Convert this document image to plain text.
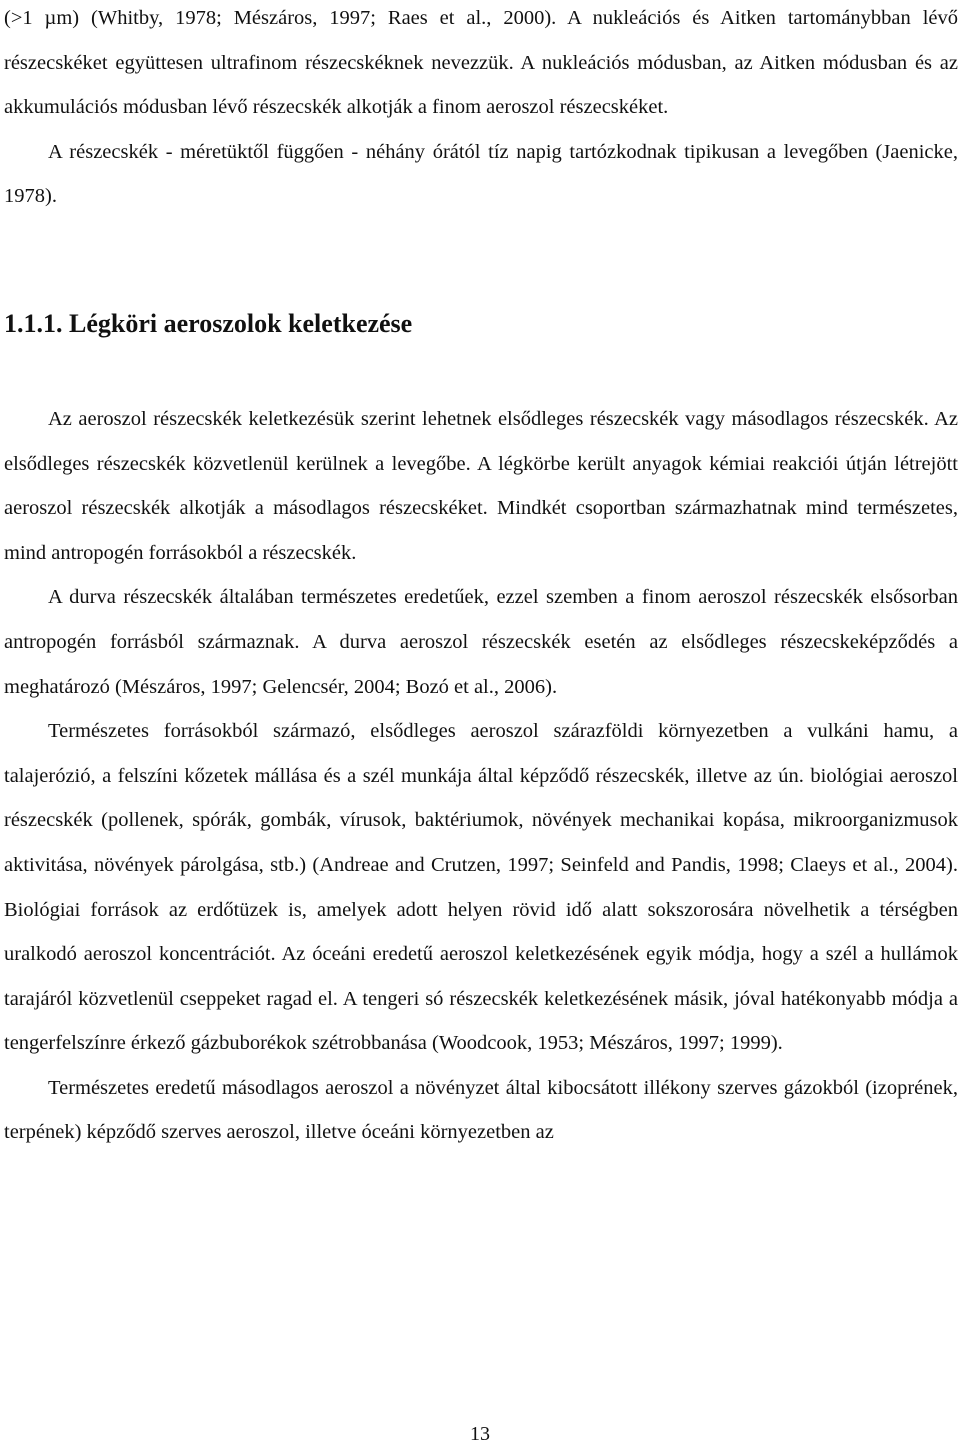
(>1 µm) (Whitby, 1978; Mészáros, 1997; Raes et al., 2000). A nukleációs és Aitken tartománybban lévő részecskéket együttesen ultrafinom részecskéknek nevezzük. A nukleációs módusban, az Aitken módusban és az akkumulációs módusban lévő részecskék alkotják a finom aeroszol részecskéket.

A részecskék - méretüktől függően - néhány órától tíz napig tartózkodnak tipikusan a levegőben (Jaenicke, 1978).

1.1.1. Légköri aeroszolok keletkezése

Az aeroszol részecskék keletkezésük szerint lehetnek elsődleges részecskék vagy másodlagos részecskék. Az elsődleges részecskék közvetlenül kerülnek a levegőbe. A légkörbe került anyagok kémiai reakciói útján létrejött aeroszol részecskék alkotják a másodlagos részecskéket. Mindkét csoportban származhatnak mind természetes, mind antropogén forrásokból a részecskék.

A durva részecskék általában természetes eredetűek, ezzel szemben a finom aeroszol részecskék elsősorban antropogén forrásból származnak. A durva aeroszol részecskék esetén az elsődleges részecskeképződés a meghatározó (Mészáros, 1997; Gelencsér, 2004; Bozó et al., 2006).

Természetes forrásokból származó, elsődleges aeroszol szárazföldi környezetben a vulkáni hamu, a talajerózió, a felszíni kőzetek mállása és a szél munkája által képződő részecskék, illetve az ún. biológiai aeroszol részecskék (pollenek, spórák, gombák, vírusok, baktériumok, növények mechanikai kopása, mikroorganizmusok aktivitása, növények párolgása, stb.) (Andreae and Crutzen, 1997; Seinfeld and Pandis, 1998; Claeys et al., 2004). Biológiai források az erdőtüzek is, amelyek adott helyen rövid idő alatt sokszorosára növelhetik a térségben uralkodó aeroszol koncentrációt. Az óceáni eredetű aeroszol keletkezésének egyik módja, hogy a szél a hullámok tarajáról közvetlenül cseppeket ragad el. A tengeri só részecskék keletkezésének másik, jóval hatékonyabb módja a tengerfelszínre érkező gázbuborékok szétrobbanása (Woodcook, 1953; Mészáros, 1997; 1999).

Természetes eredetű másodlagos aeroszol a növényzet által kibocsátott illékony szerves gázokból (izoprének, terpének) képződő szerves aeroszol, illetve óceáni környezetben az

13
